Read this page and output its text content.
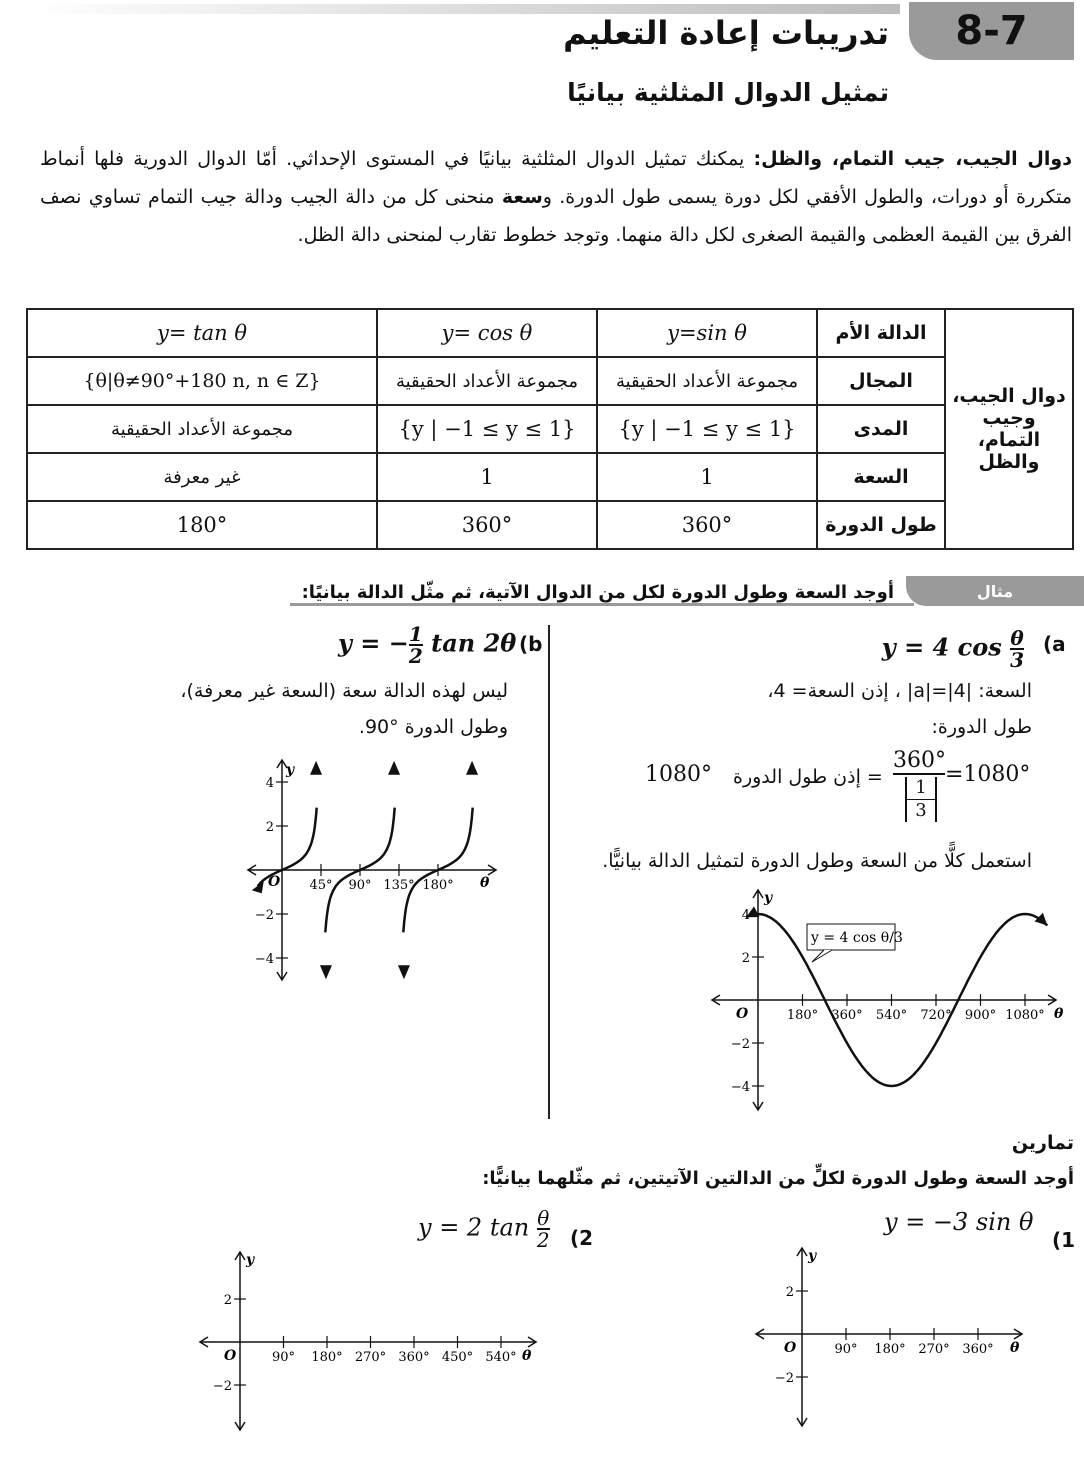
8-7
تدريبات إعادة التعليم
تمثيل الدوال المثلثية بيانيًا
دوال الجيب، جيب التمام، والظل: يمكنك تمثيل الدوال المثلثية بيانيًا في المستوى الإحداثي. أمّا الدوال الدورية فلها أنماط متكررة أو دورات، والطول الأفقي لكل دورة يسمى طول الدورة. وسعة منحنى كل من دالة الجيب ودالة جيب التمام تساوي نصف الفرق بين القيمة العظمى والقيمة الصغرى لكل دالة منهما. وتوجد خطوط تقارب لمنحنى دالة الظل.
دوال الجيب، وجيب التمام، والظل	الدالة الأم	y=sin θ	y= cos θ	y= tan θ
	المجال	مجموعة الأعداد الحقيقية	مجموعة الأعداد الحقيقية	{θ|θ≠90°+180 n, n ∈ Z}
	المدى	{y | −1 ≤ y ≤ 1}	{y | −1 ≤ y ≤ 1}	مجموعة الأعداد الحقيقية
	السعة	1	1	غير معرفة
	طول الدورة	360°	360°	180°
مثال
أوجد السعة وطول الدورة لكل من الدوال الآتية، ثم مثّل الدالة بيانيًا:
(a
y = 4 $\cos \frac{\theta}{3}$
السعة: |a|=|4| ، إذن السعة= 4،
طول الدورة:
1080° = إذن طول الدورة
360°
1
3
=1080°
استعمل كلًّا من السعة وطول الدورة لتمثيل الدالة بيانيًّا.
y = 4 cos θ/3
O	θ
y
180° 360° 540° 720° 900° 1080°
4
2
−2
−4
(b
y = − $\frac{1}{2}$ tan 2θ
ليس لهذه الدالة سعة (السعة غير معرفة)،
وطول الدورة °90.
O	θ
y
45° 90° 135° 180°
4
2
−2
−4
تمارين
أوجد السعة وطول الدورة لكلٍّ من الدالتين الآتيتين، ثم مثّلهما بيانيًّا:
(1
y = −3 sin θ
(2
y = 2 $\tan \frac{\theta}{2}$
O	θ
y
90° 180° 270° 360°
2
−2
O	θ
y
90° 180° 270° 360° 450° 540°
2
−2
